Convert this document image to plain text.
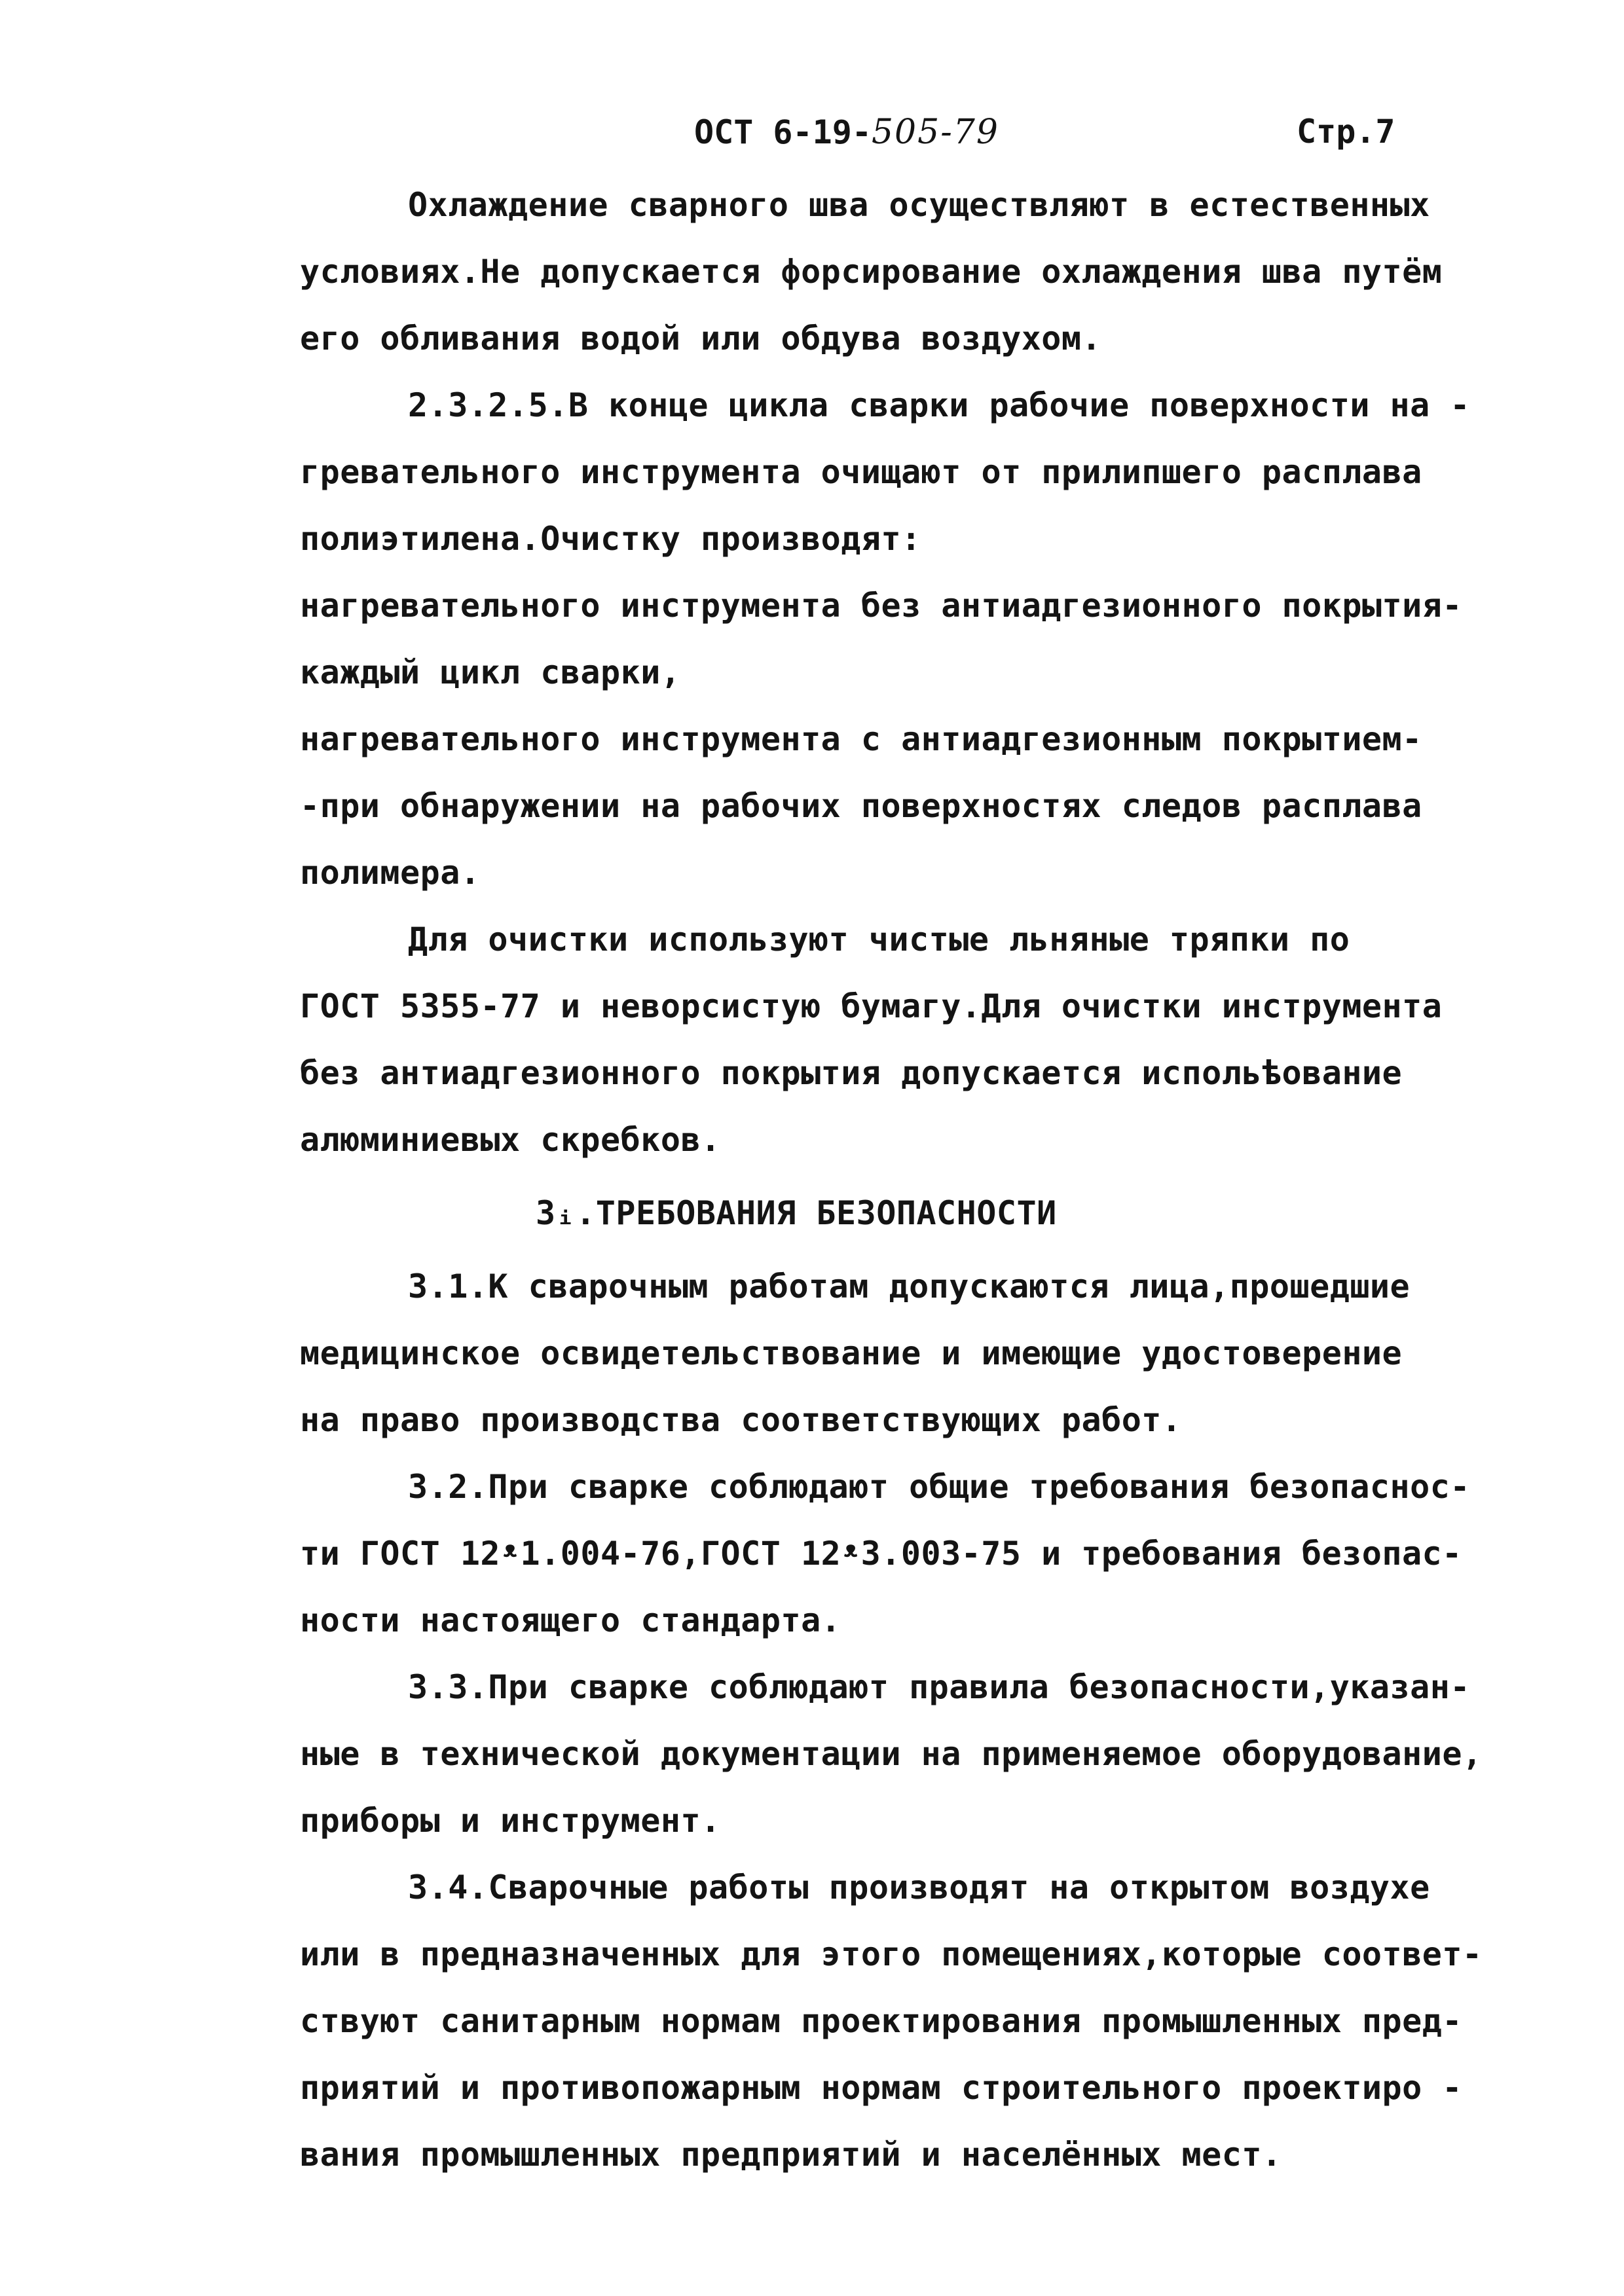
ОСТ 6-19-505-79	Стр.7
Охлаждение сварного шва осуществляют в естественных
условиях.Не допускается форсирование охлаждения шва путём
его обливания водой или обдува воздухом.
2.3.2.5.В конце цикла сварки рабочие поверхности на -
гревательного инструмента очищают от прилипшего расплава
полиэтилена.Очистку производят:
нагревательного инструмента без антиадгезионного покрытия-
каждый цикл сварки,
нагревательного инструмента с антиадгезионным покрытием-
-при обнаружении на рабочих поверхностях следов расплава
полимера.
Для очистки используют чистые льняные тряпки по
ГОСТ 5355-77 и неворсистую бумагу.Для очистки инструмента
без антиадгезионного покрытия допускается испольѣование
алюминиевых скребков.
3ᵢ.ТРЕБОВАНИЯ БЕЗОПАСНОСТИ
3.1.К сварочным работам допускаются лица,прошедшие
медицинское освидетельствование и имеющие удостоверение
на право производства соответствующих работ.
3.2.При сварке соблюдают общие требования безопаснос-
ти ГОСТ 12ᵜ1.004-76,ГОСТ 12ᵜ3.003-75 и требования безопас-
ности настоящего стандарта.
3.3.При сварке соблюдают правила безопасности,указан-
ные в технической документации на применяемое оборудование,
приборы и инструмент.
3.4.Сварочные работы производят на открытом воздухе
или в предназначенных для этого помещениях,которые соответ-
ствуют санитарным нормам проектирования промышленных пред-
приятий и противопожарным нормам строительного проектиро -
вания промышленных предприятий и населённых мест.
